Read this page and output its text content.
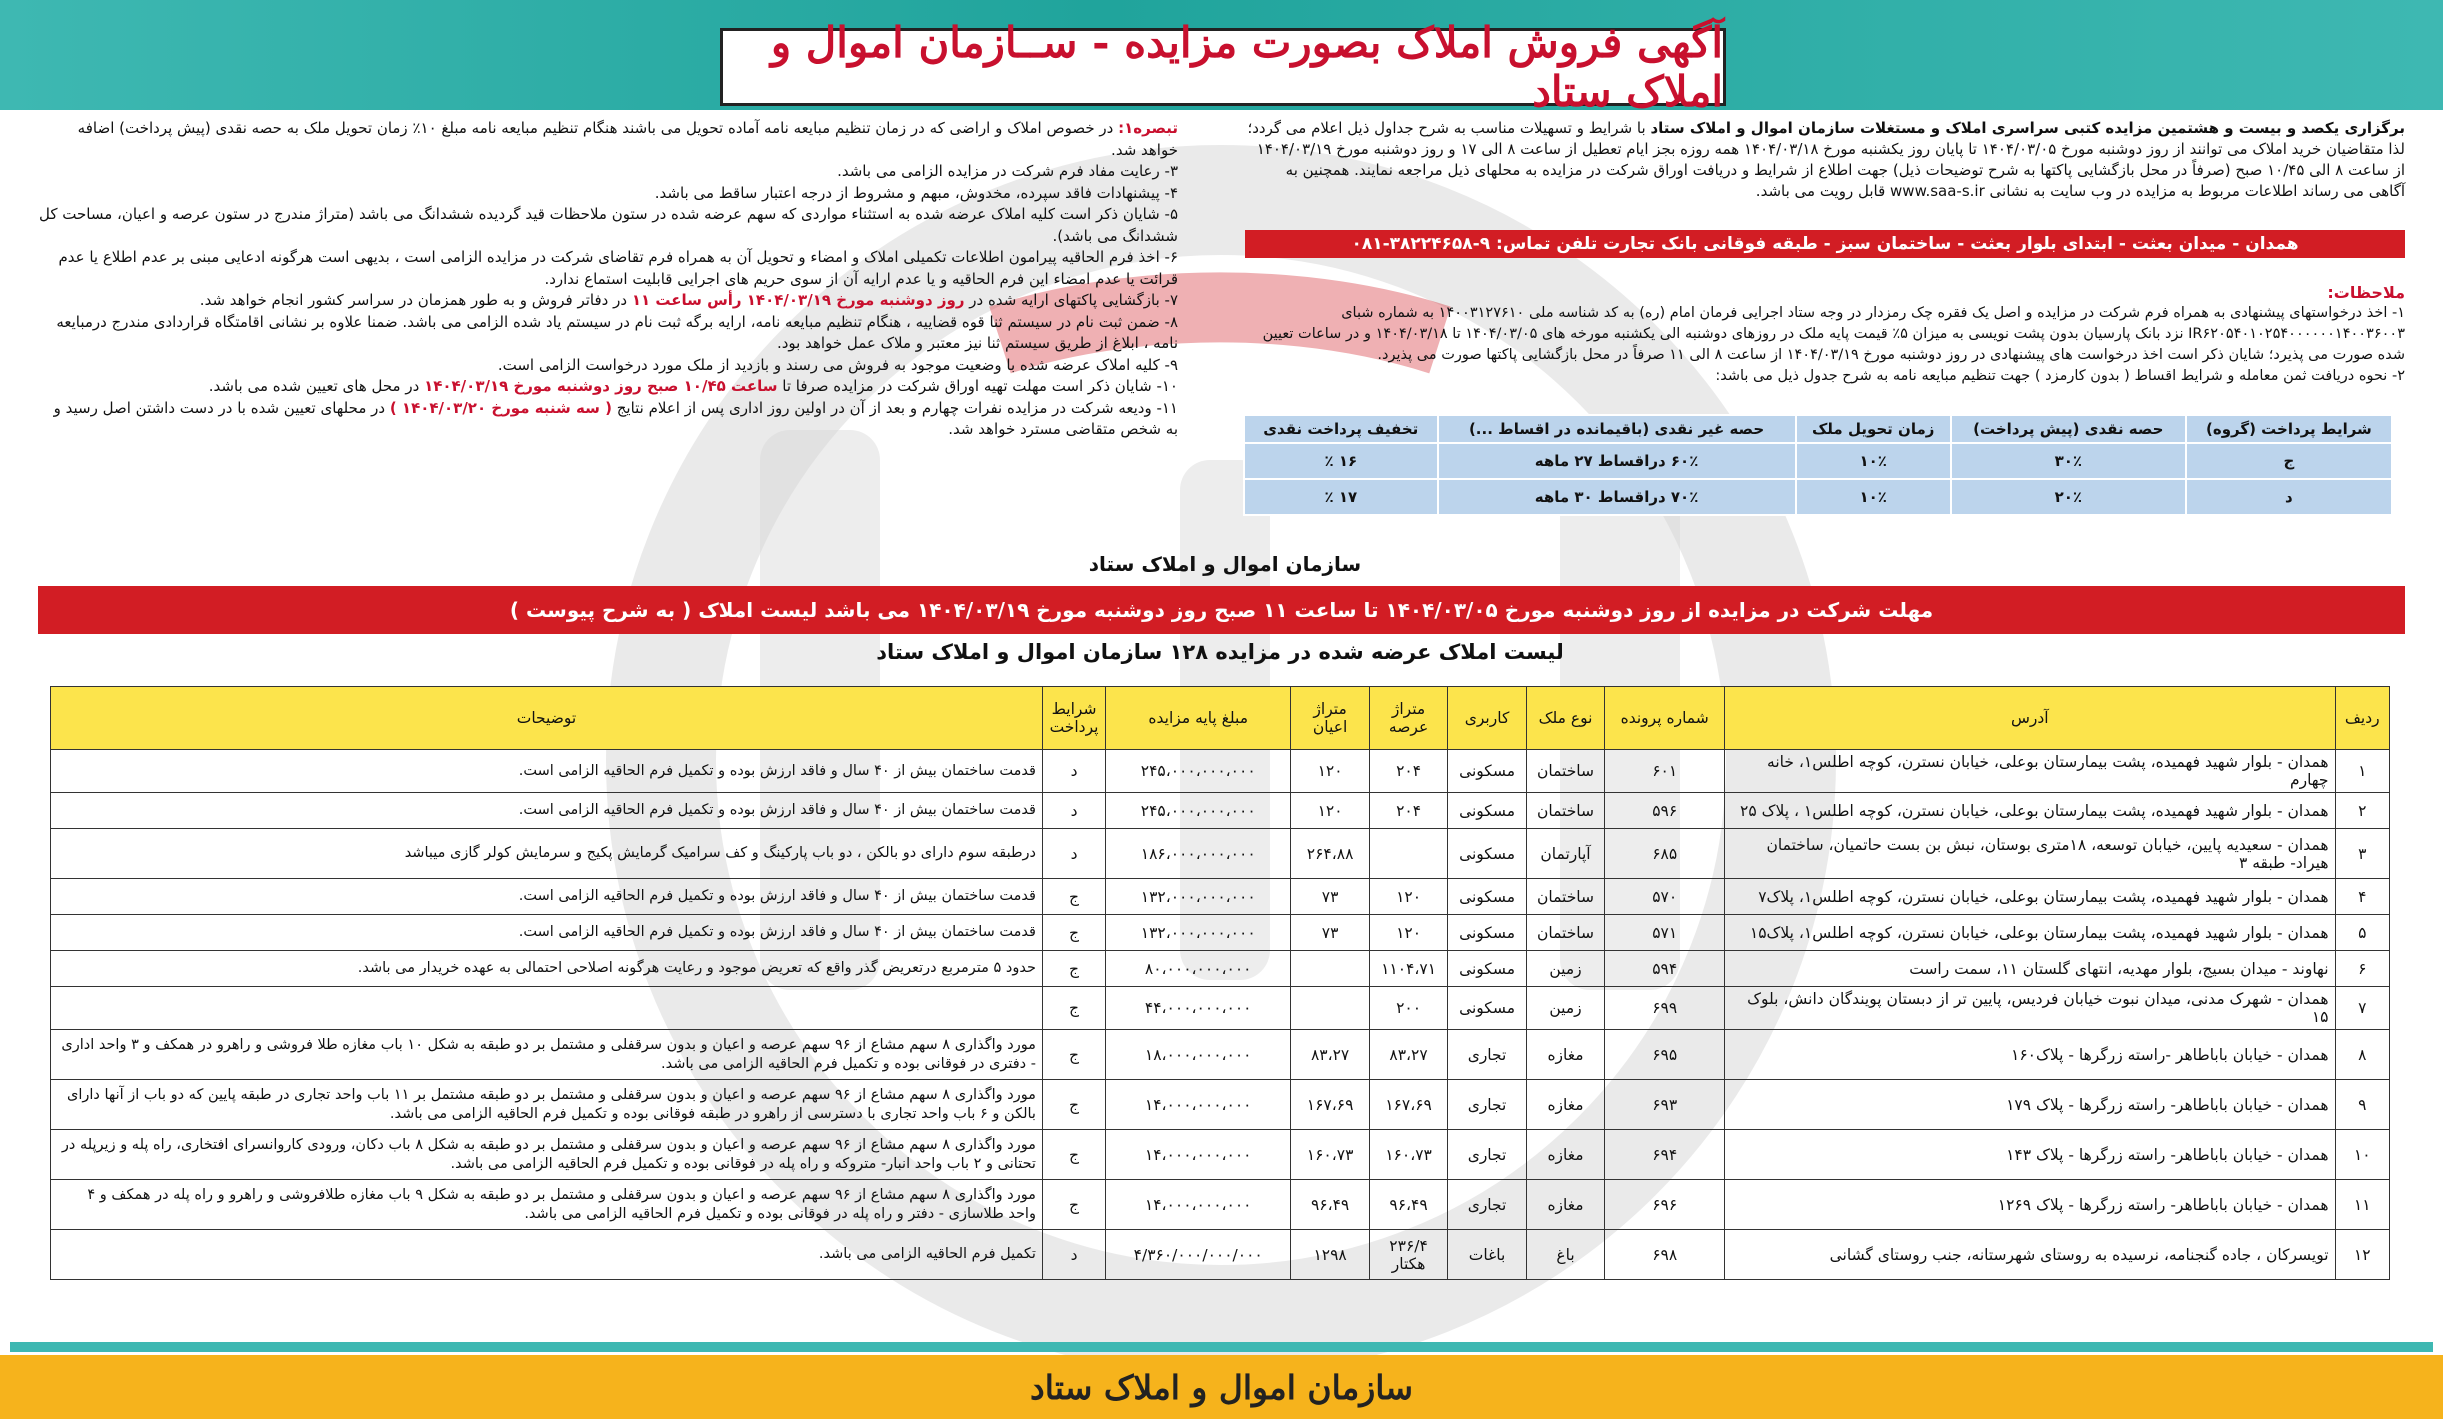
آگهی فروش املاک بصورت مزایده - ســازمان اموال و املاک ستاد
برگزاری یکصد و بیست و هشتمین مزایده کتبی سراسری املاک و مستغلات سازمان اموال و املاک ستاد با شرایط و تسهیلات مناسب به شرح جداول ذیل اعلام می گردد؛ لذا متقاضیان خرید املاک می توانند از روز دوشنبه مورخ ۱۴۰۴/۰۳/۰۵ تا پایان روز یکشنبه مورخ ۱۴۰۴/۰۳/۱۸ همه روزه بجز ایام تعطیل از ساعت ۸ الی ۱۷ و روز دوشنبه مورخ ۱۴۰۴/۰۳/۱۹ از ساعت ۸ الی ۱۰/۴۵ صبح (صرفاً در محل بازگشایی پاکتها به شرح توضیحات ذیل) جهت اطلاع از شرایط و دریافت اوراق شرکت در مزایده به محلهای ذیل مراجعه نمایند. همچنین به آگاهی می رساند اطلاعات مربوط به مزایده در وب سایت به نشانی www.saa-s.ir قابل رویت می باشد.
همدان - میدان بعثت - ابتدای بلوار بعثت - ساختمان سبز - طبقه فوقانی بانک تجارت تلفن تماس: ۹-۳۸۲۲۴۶۵۸-۰۸۱
ملاحظات:
۱- اخذ درخواستهای پیشنهادی به همراه فرم شرکت در مزایده و اصل یک فقره چک رمزدار در وجه ستاد اجرایی فرمان امام (ره) به کد شناسه ملی ۱۴۰۰۳۱۲۷۶۱۰ به شماره شبای IR۶۲۰۵۴۰۱۰۲۵۴۰۰۰۰۰۰۱۴۰۰۳۶۰۰۳ نزد بانک پارسیان بدون پشت نویسی به میزان ۵٪ قیمت پایه ملک در روزهای دوشنبه الی یکشنبه مورخه های ۱۴۰۴/۰۳/۰۵ تا ۱۴۰۴/۰۳/۱۸ و در ساعات تعیین شده صورت می پذیرد؛ شایان ذکر است اخذ درخواست های پیشنهادی در روز دوشنبه مورخ ۱۴۰۴/۰۳/۱۹ از ساعت ۸ الی ۱۱ صرفاً در محل بازگشایی پاکتها صورت می پذیرد.
۲- نحوه دریافت ثمن معامله و شرایط اقساط ( بدون کارمزد ) جهت تنظیم مبایعه نامه به شرح جدول ذیل می باشد:
شرایط پرداخت (گروه)	حصه نقدی (پیش پرداخت)	زمان تحویل ملک	حصه غیر نقدی (باقیمانده در اقساط ...)	تخفیف پرداخت نقدی
ج	۳۰٪	۱۰٪	۶۰٪ دراقساط ۲۷ ماهه	۱۶ ٪
د	۲۰٪	۱۰٪	۷۰٪ دراقساط ۳۰ ماهه	۱۷ ٪
تبصره۱: در خصوص املاک و اراضی که در زمان تنظیم مبایعه نامه آماده تحویل می باشند هنگام تنظیم مبایعه نامه مبلغ ۱۰٪ زمان تحویل ملک به حصه نقدی (پیش پرداخت) اضافه خواهد شد.
۳- رعایت مفاد فرم شرکت در مزایده الزامی می باشد.
۴- پیشنهادات فاقد سپرده، مخدوش، مبهم و مشروط از درجه اعتبار ساقط می باشد.
۵- شایان ذکر است کلیه املاک عرضه شده به استثناء مواردی که سهم عرضه شده در ستون ملاحظات قید گردیده ششدانگ می باشد (متراژ مندرج در ستون عرصه و اعیان، مساحت کل ششدانگ می باشد).
۶- اخذ فرم الحاقیه پیرامون اطلاعات تکمیلی املاک و امضاء و تحویل آن به همراه فرم تقاضای شرکت در مزایده الزامی است ، بدیهی است هرگونه ادعایی مبنی بر عدم اطلاع یا عدم قرائت یا عدم امضاء این فرم الحاقیه و یا عدم ارایه آن از سوی حریم های اجرایی قابلیت استماع ندارد.
۷- بازگشایی پاکتهای ارایه شده در روز دوشنبه مورخ ۱۴۰۴/۰۳/۱۹ رأس ساعت ۱۱ در دفاتر فروش و به طور همزمان در سراسر کشور انجام خواهد شد.
۸- ضمن ثبت نام در سیستم ثنا قوه قضاییه ، هنگام تنظیم مبایعه نامه، ارایه برگه ثبت نام در سیستم یاد شده الزامی می باشد. ضمنا علاوه بر نشانی اقامتگاه قراردادی مندرج درمبایعه نامه ، ابلاغ از طریق سیستم ثنا نیز معتبر و ملاک عمل خواهد بود.
۹- کلیه املاک عرضه شده با وضعیت موجود به فروش می رسند و بازدید از ملک مورد درخواست الزامی است.
۱۰- شایان ذکر است مهلت تهیه اوراق شرکت در مزایده صرفا تا ساعت ۱۰/۴۵ صبح روز دوشنبه مورخ ۱۴۰۴/۰۳/۱۹ در محل های تعیین شده می باشد.
۱۱- ودیعه شرکت در مزایده نفرات چهارم و بعد از آن در اولین روز اداری پس از اعلام نتایج ( سه شنبه مورخ ۱۴۰۴/۰۳/۲۰ ) در محلهای تعیین شده با در دست داشتن اصل رسید و به شخص متقاضی مسترد خواهد شد.
سازمان اموال و املاک ستاد
مهلت شرکت در مزایده از روز دوشنبه مورخ ۱۴۰۴/۰۳/۰۵ تا ساعت ۱۱ صبح روز دوشنبه مورخ ۱۴۰۴/۰۳/۱۹ می باشد لیست املاک ( به شرح پیوست )
لیست املاک عرضه شده در مزایده ۱۲۸ سازمان اموال و املاک ستاد
ردیف	آدرس	شماره پرونده	نوع ملک	کاربری	متراژ عرصه	متراژ اعیان	مبلغ پایه مزایده	شرایط پرداخت	توضیحات
۱	همدان - بلوار شهید فهمیده، پشت بیمارستان بوعلی، خیابان نسترن، کوچه اطلس۱، خانه چهارم	۶۰۱	ساختمان	مسکونی	۲۰۴	۱۲۰	۲۴۵،۰۰۰،۰۰۰،۰۰۰	د	قدمت ساختمان بیش از ۴۰ سال و فاقد ارزش بوده و تکمیل فرم الحاقیه الزامی است.
۲	همدان - بلوار شهید فهمیده، پشت بیمارستان بوعلی، خیابان نسترن، کوچه اطلس۱ ، پلاک ۲۵	۵۹۶	ساختمان	مسکونی	۲۰۴	۱۲۰	۲۴۵،۰۰۰،۰۰۰،۰۰۰	د	قدمت ساختمان بیش از ۴۰ سال و فاقد ارزش بوده و تکمیل فرم الحاقیه الزامی است.
۳	همدان - سعیدیه پایین، خیابان توسعه، ۱۸متری بوستان، نبش بن بست حاتمیان، ساختمان هیراد- طبقه ۳	۶۸۵	آپارتمان	مسکونی		۲۶۴،۸۸	۱۸۶،۰۰۰،۰۰۰،۰۰۰	د	درطبقه سوم دارای دو بالکن ، دو باب پارکینگ و کف سرامیک گرمایش پکیج و سرمایش کولر گازی میباشد
۴	همدان - بلوار شهید فهمیده، پشت بیمارستان بوعلی، خیابان نسترن، کوچه اطلس۱، پلاک۷	۵۷۰	ساختمان	مسکونی	۱۲۰	۷۳	۱۳۲،۰۰۰،۰۰۰،۰۰۰	ج	قدمت ساختمان بیش از ۴۰ سال و فاقد ارزش بوده و تکمیل فرم الحاقیه الزامی است.
۵	همدان - بلوار شهید فهمیده، پشت بیمارستان بوعلی، خیابان نسترن، کوچه اطلس۱، پلاک۱۵	۵۷۱	ساختمان	مسکونی	۱۲۰	۷۳	۱۳۲،۰۰۰،۰۰۰،۰۰۰	ج	قدمت ساختمان بیش از ۴۰ سال و فاقد ارزش بوده و تکمیل فرم الحاقیه الزامی است.
۶	نهاوند - میدان بسیج، بلوار مهدیه، انتهای گلستان ۱۱، سمت راست	۵۹۴	زمین	مسکونی	۱۱۰۴،۷۱		۸۰،۰۰۰،۰۰۰،۰۰۰	ج	حدود ۵ مترمربع درتعریض گذر واقع که تعریض موجود و رعایت هرگونه اصلاحی احتمالی به عهده خریدار می باشد.
۷	همدان - شهرک مدنی، میدان نبوت خیابان فردیس، پایین تر از دبستان پویندگان دانش، بلوک ۱۵	۶۹۹	زمین	مسکونی	۲۰۰		۴۴،۰۰۰،۰۰۰،۰۰۰	ج	
۸	همدان - خیابان باباطاهر -راسته زرگرها - پلاک۱۶۰	۶۹۵	مغازه	تجاری	۸۳،۲۷	۸۳،۲۷	۱۸،۰۰۰،۰۰۰،۰۰۰	ج	مورد واگذاری ۸ سهم مشاع از ۹۶ سهم عرصه و اعیان و بدون سرقفلی و مشتمل بر دو طبقه به شکل ۱۰ باب مغازه طلا فروشی و راهرو در همکف و ۳ واحد اداری - دفتری در فوقانی بوده و تکمیل فرم الحاقیه الزامی می باشد.
۹	همدان - خیابان باباطاهر- راسته زرگرها - پلاک ۱۷۹	۶۹۳	مغازه	تجاری	۱۶۷،۶۹	۱۶۷،۶۹	۱۴،۰۰۰،۰۰۰،۰۰۰	ج	مورد واگذاری ۸ سهم مشاع از ۹۶ سهم عرصه و اعیان و بدون سرقفلی و مشتمل بر دو طبقه مشتمل بر ۱۱ باب واحد تجاری در طبقه پایین که دو باب از آنها دارای بالکن و ۶ باب واحد تجاری با دسترسی از راهرو در طبقه فوقانی بوده و تکمیل فرم الحاقیه الزامی می باشد.
۱۰	همدان - خیابان باباطاهر- راسته زرگرها - پلاک ۱۴۳	۶۹۴	مغازه	تجاری	۱۶۰،۷۳	۱۶۰،۷۳	۱۴،۰۰۰،۰۰۰،۰۰۰	ج	مورد واگذاری ۸ سهم مشاع از ۹۶ سهم عرصه و اعیان و بدون سرقفلی و مشتمل بر دو طبقه به شکل ۸ باب دکان، ورودی کاروانسرای افتخاری، راه پله و زیرپله در تحتانی و ۲ باب واحد انبار- متروکه و راه پله در فوقانی بوده و تکمیل فرم الحاقیه الزامی می باشد.
۱۱	همدان - خیابان باباطاهر- راسته زرگرها - پلاک ۱۲۶۹	۶۹۶	مغازه	تجاری	۹۶،۴۹	۹۶،۴۹	۱۴،۰۰۰،۰۰۰،۰۰۰	ج	مورد واگذاری ۸ سهم مشاع از ۹۶ سهم عرصه و اعیان و بدون سرقفلی و مشتمل بر دو طبقه به شکل ۹ باب مغازه طلافروشی و راهرو و راه پله در همکف و ۴ واحد طلاسازی - دفتر و راه پله در فوقانی بوده و تکمیل فرم الحاقیه الزامی می باشد.
۱۲	تویسرکان ، جاده گنجنامه، نرسیده به روستای شهرستانه، جنب روستای گشانی	۶۹۸	باغ	باغات	۲۳۶/۴ هکتار	۱۲۹۸	۴/۳۶۰/۰۰۰/۰۰۰/۰۰۰	د	تکمیل فرم الحاقیه الزامی می باشد.
سازمان اموال و املاک ستاد
